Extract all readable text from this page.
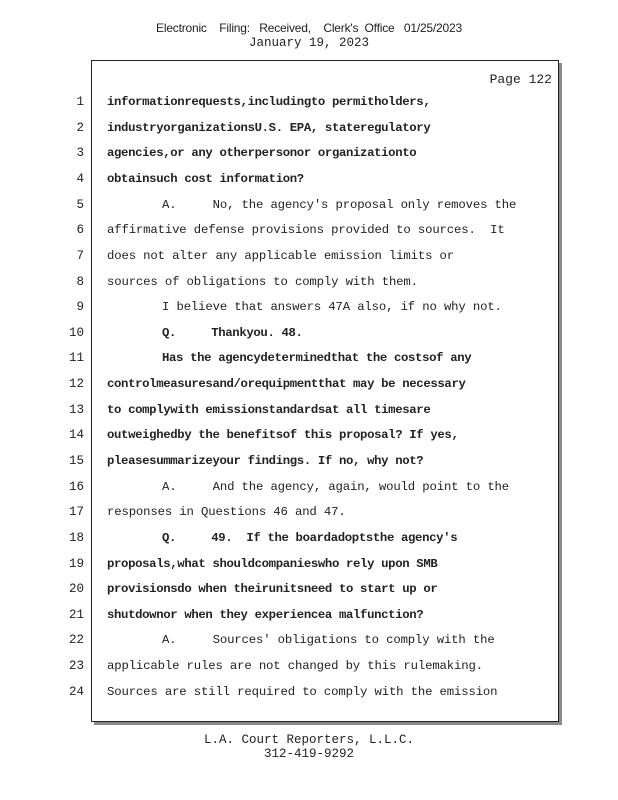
Electronic    Filing:   Received,    Clerk's  Office   01/25/2023
January 19, 2023
Page 122
1
2
3
4
5
6
7
8
9
10
11
12
13
14
15
16
17
18
19
20
21
22
23
24
informationrequests,includingto permitholders,
industryorganizationsU.S. EPA, stateregulatory
agencies,or any otherpersonor organizationto
obtainsuch cost information?
A.     No, the agency's proposal only removes the
affirmative defense provisions provided to sources.  It
does not alter any applicable emission limits or
sources of obligations to comply with them.
I believe that answers 47A also, if no why not.
Q.     Thankyou. 48.
Has the agencydeterminedthat the costsof any
controlmeasuresand/orequipmentthat may be necessary
to complywith emissionstandardsat all timesare
outweighedby the benefitsof this proposal? If yes,
pleasesummarizeyour findings. If no, why not?
A.     And the agency, again, would point to the
responses in Questions 46 and 47.
Q.     49.  If the boardadoptsthe agency's
proposals,what shouldcompanieswho rely upon SMB
provisionsdo when theirunitsneed to start up or
shutdownor when they experiencea malfunction?
A.     Sources' obligations to comply with the
applicable rules are not changed by this rulemaking.
Sources are still required to comply with the emission
L.A. Court Reporters, L.L.C.
312-419-9292
